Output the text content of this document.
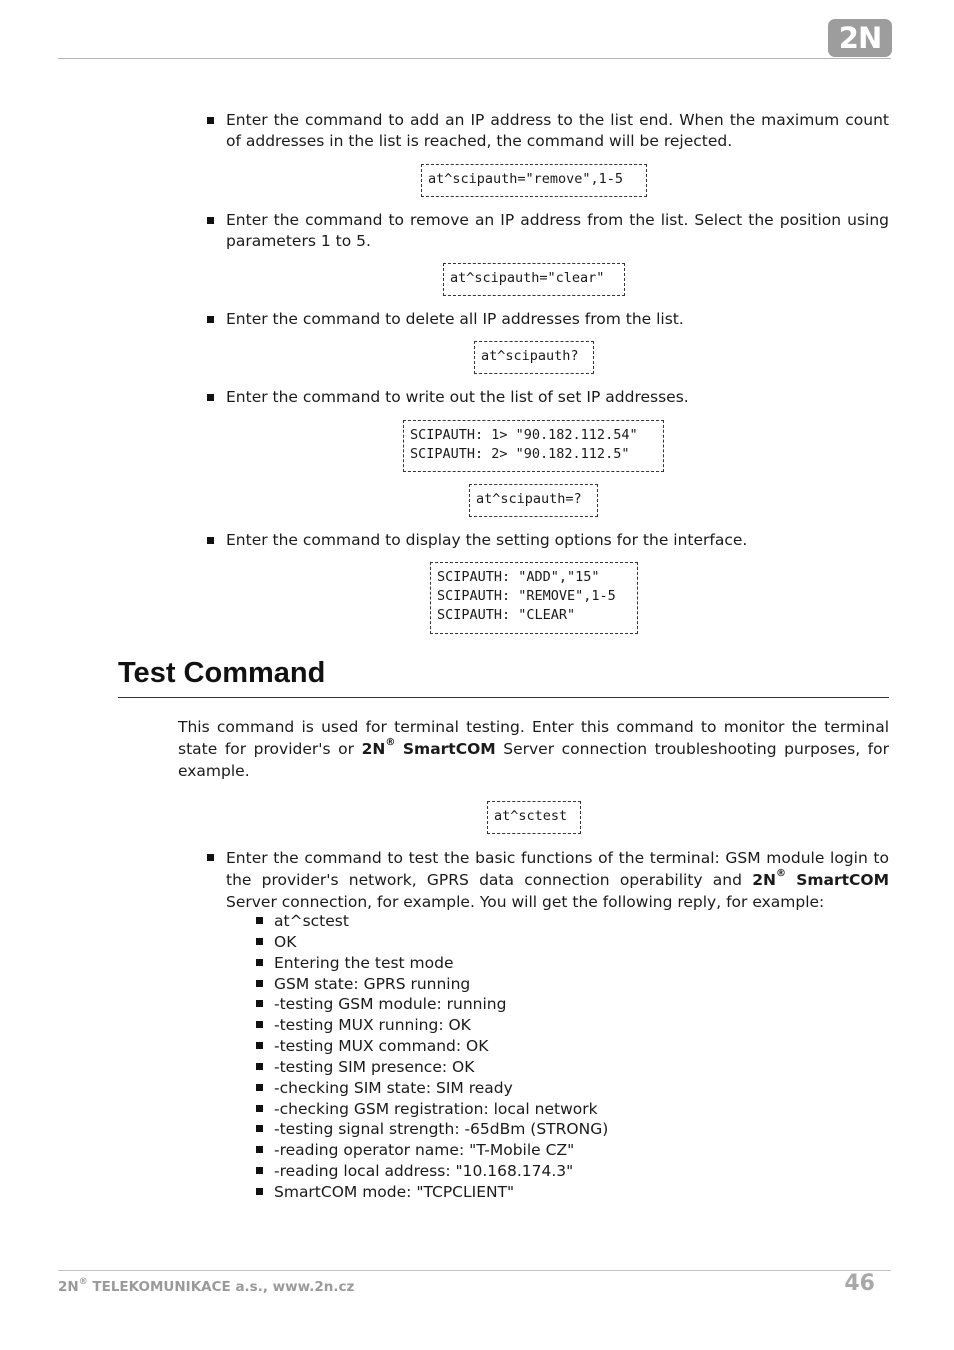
2N
Enter the command to add an IP address to the list end. When the maximum count of addresses in the list is reached, the command will be rejected.
at^scipauth="remove",1-5
Enter the command to remove an IP address from the list. Select the position using parameters 1 to 5.
at^scipauth="clear"
Enter the command to delete all IP addresses from the list.
at^scipauth?
Enter the command to write out the list of set IP addresses.
SCIPAUTH: 1> "90.182.112.54"
SCIPAUTH: 2> "90.182.112.5"
at^scipauth=?
Enter the command to display the setting options for the interface.
SCIPAUTH: "ADD","15"
SCIPAUTH: "REMOVE",1-5
SCIPAUTH: "CLEAR"
Test Command

This command is used for terminal testing. Enter this command to monitor the terminal state for provider's or 2N® SmartCOM Server connection troubleshooting purposes, for example.

at^sctest
Enter the command to test the basic functions of the terminal: GSM module login to the provider's network, GPRS data connection operability and 2N® SmartCOM Server connection, for example. You will get the following reply, for example:
at^sctest
OK
Entering the test mode
GSM state: GPRS running
-testing GSM module: running
-testing MUX running: OK
-testing MUX command: OK
-testing SIM presence: OK
-checking SIM state: SIM ready
-checking GSM registration: local network
-testing signal strength: -65dBm (STRONG)
-reading operator name: "T-Mobile CZ"
-reading local address: "10.168.174.3"
SmartCOM mode: "TCPCLIENT"
2N® TELEKOMUNIKACE a.s., www.2n.cz	46
